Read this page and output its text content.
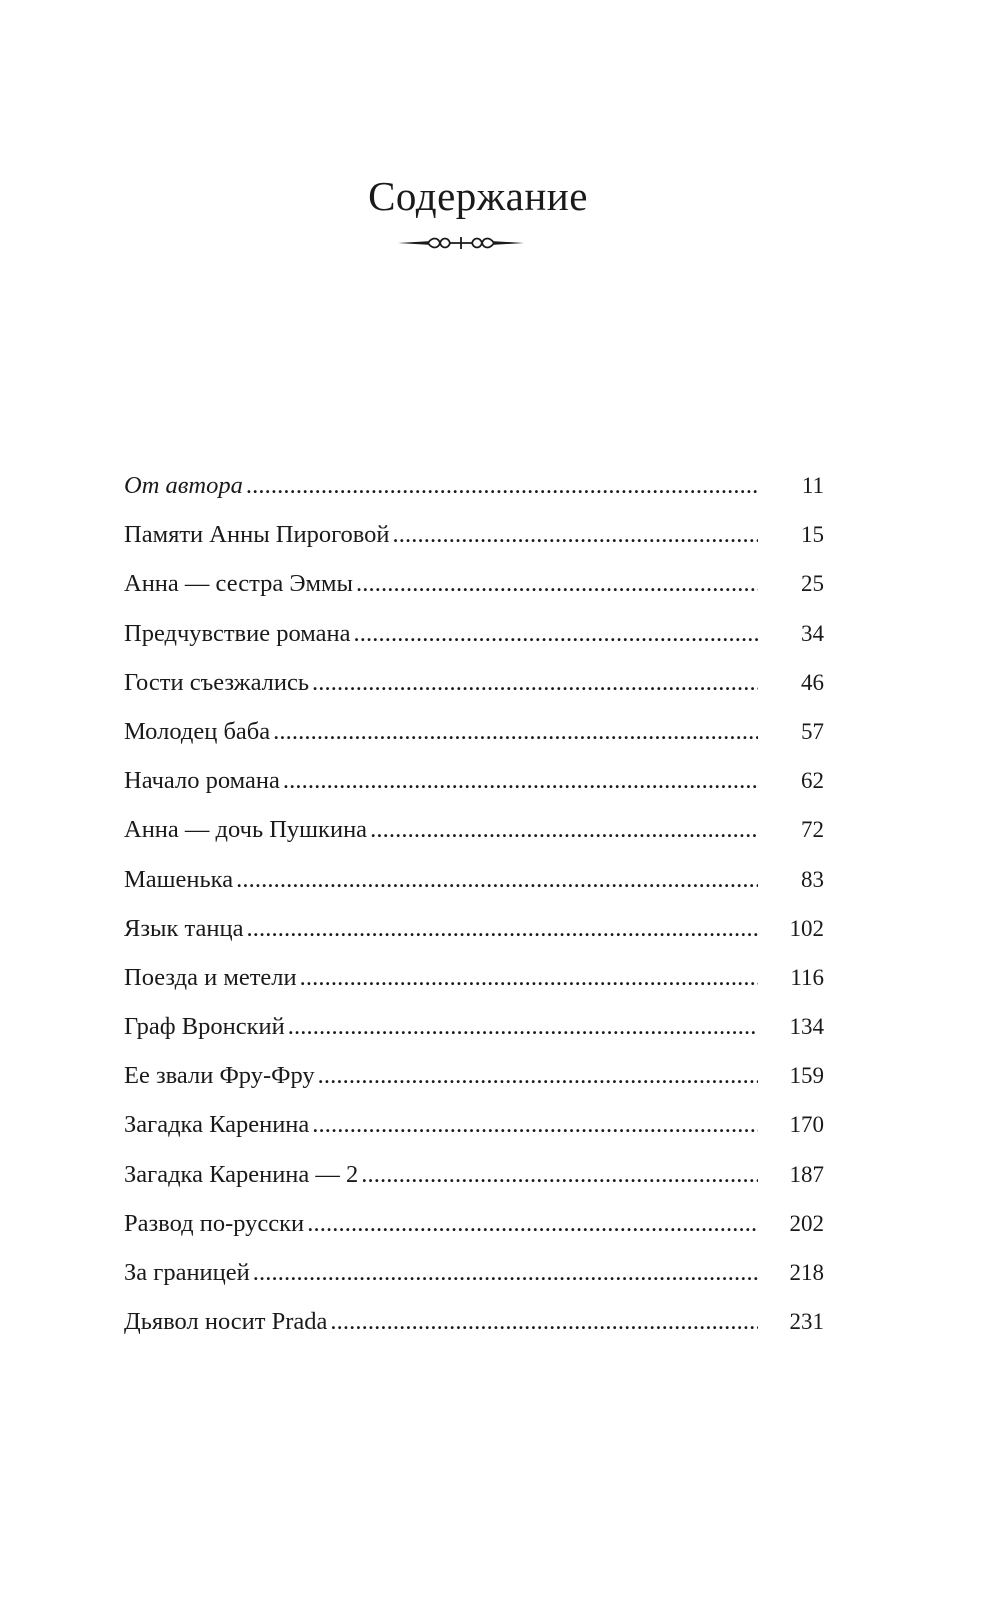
Содержание
От автора . . .	11
Памяти Анны Пироговой . . .	15
Анна — сестра Эммы . . .	25
Предчувствие романа . . .	34
Гости съезжались . . .	46
Молодец баба . . .	57
Начало романа . . .	62
Анна — дочь Пушкина . . .	72
Машенька . . .	83
Язык танца . . .	102
Поезда и метели . . .	116
Граф Вронский . . .	134
Ее звали Фру-Фру . . .	159
Загадка Каренина . . .	170
Загадка Каренина — 2 . . .	187
Развод по-русски . . .	202
За границей . . .	218
Дьявол носит Prada . . .	231
